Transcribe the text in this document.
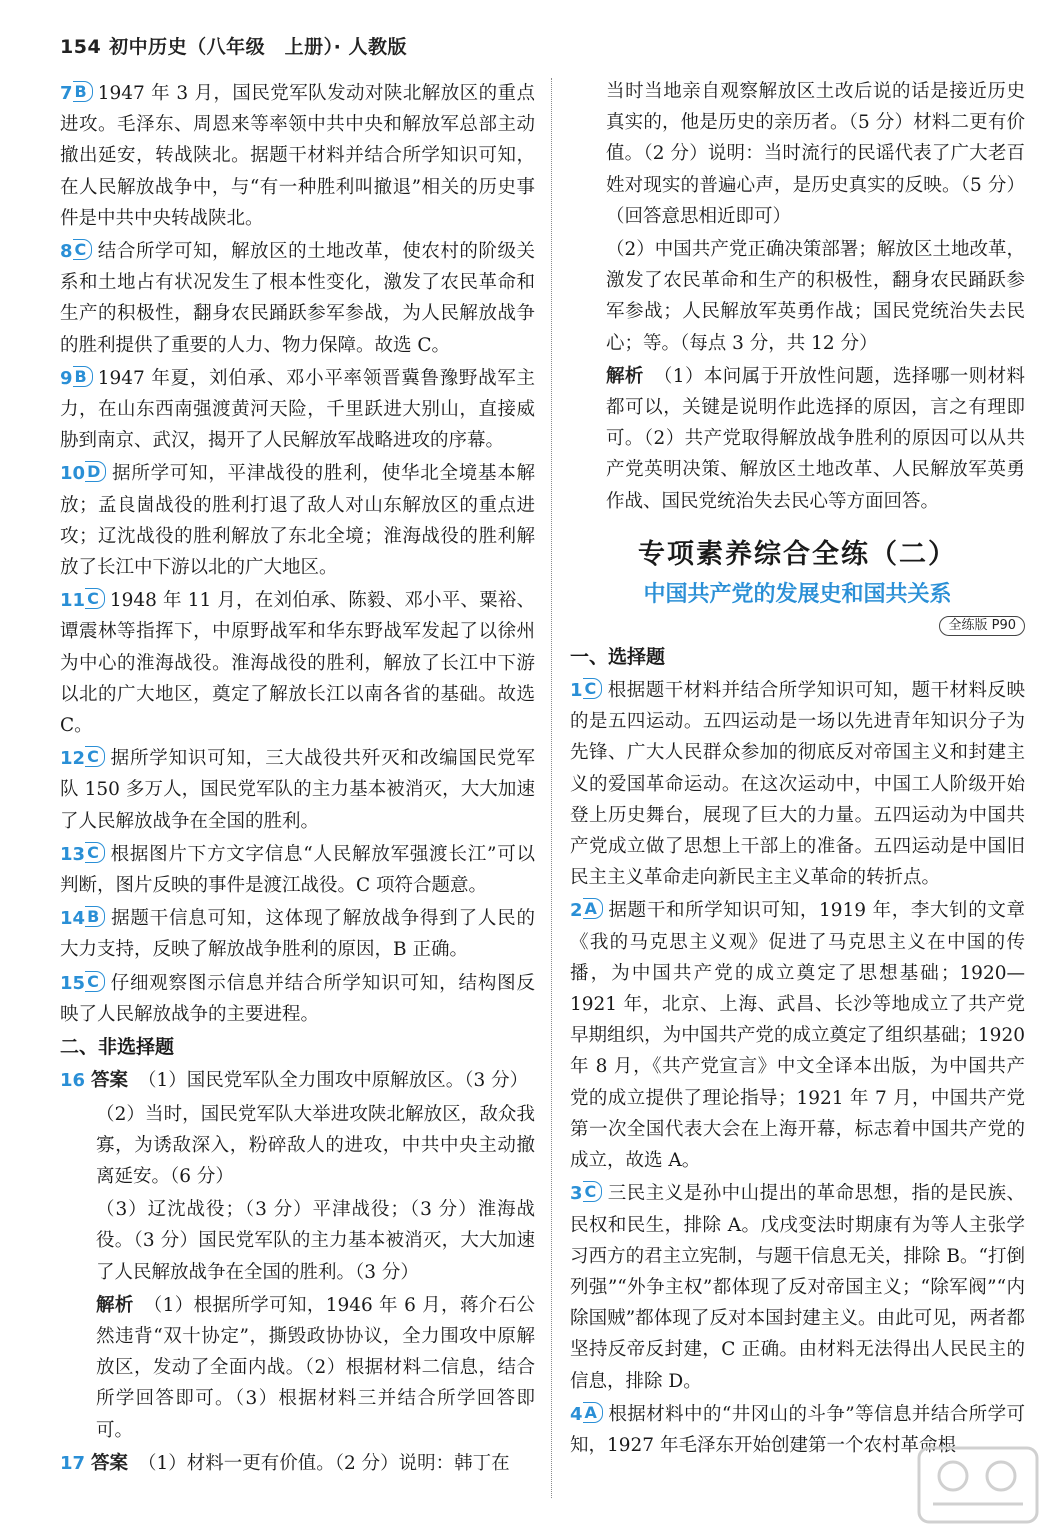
154 初中历史（八年级　上册）· 人教版
7 B 1947 年 3 月，国民党军队发动对陕北解放区的重点进攻。毛泽东、周恩来等率领中共中央和解放军总部主动撤出延安，转战陕北。据题干材料并结合所学知识可知，在人民解放战争中，与“有一种胜利叫撤退”相关的历史事件是中共中央转战陕北。
8 C 结合所学可知，解放区的土地改革，使农村的阶级关系和土地占有状况发生了根本性变化，激发了农民革命和生产的积极性，翻身农民踊跃参军参战，为人民解放战争的胜利提供了重要的人力、物力保障。故选 C。
9 B 1947 年夏，刘伯承、邓小平率领晋冀鲁豫野战军主力，在山东西南强渡黄河天险，千里跃进大别山，直接威胁到南京、武汉，揭开了人民解放军战略进攻的序幕。
10 D 据所学可知，平津战役的胜利，使华北全境基本解放；孟良崮战役的胜利打退了敌人对山东解放区的重点进攻；辽沈战役的胜利解放了东北全境；淮海战役的胜利解放了长江中下游以北的广大地区。
11 C 1948 年 11 月，在刘伯承、陈毅、邓小平、粟裕、谭震林等指挥下，中原野战军和华东野战军发起了以徐州为中心的淮海战役。淮海战役的胜利，解放了长江中下游以北的广大地区，奠定了解放长江以南各省的基础。故选 C。
12 C 据所学知识可知，三大战役共歼灭和改编国民党军队 150 多万人，国民党军队的主力基本被消灭，大大加速了人民解放战争在全国的胜利。
13 C 根据图片下方文字信息“人民解放军强渡长江”可以判断，图片反映的事件是渡江战役。C 项符合题意。
14 B 据题干信息可知，这体现了解放战争得到了人民的大力支持，反映了解放战争胜利的原因，B 正确。
15 C 仔细观察图示信息并结合所学知识可知，结构图反映了人民解放战争的主要进程。
二、非选择题
16 答案 （1）国民党军队全力围攻中原解放区。（3 分）
（2）当时，国民党军队大举进攻陕北解放区，敌众我寡，为诱敌深入，粉碎敌人的进攻，中共中央主动撤离延安。（6 分）
（3）辽沈战役；（3 分）平津战役；（3 分）淮海战役。（3 分）国民党军队的主力基本被消灭，大大加速了人民解放战争在全国的胜利。（3 分）
解析 （1）根据所学可知，1946 年 6 月，蒋介石公然违背“双十协定”，撕毁政协协议，全力围攻中原解放区，发动了全面内战。（2）根据材料二信息，结合所学回答即可。（3）根据材料三并结合所学回答即可。
17 答案 （1）材料一更有价值。（2 分）说明：韩丁在
当时当地亲自观察解放区土改后说的话是接近历史真实的，他是历史的亲历者。（5 分）材料二更有价值。（2 分）说明：当时流行的民谣代表了广大老百姓对现实的普遍心声，是历史真实的反映。（5 分）（回答意思相近即可）
（2）中国共产党正确决策部署；解放区土地改革，激发了农民革命和生产的积极性，翻身农民踊跃参军参战；人民解放军英勇作战；国民党统治失去民心；等。（每点 3 分，共 12 分）
解析 （1）本问属于开放性问题，选择哪一则材料都可以，关键是说明作此选择的原因，言之有理即可。（2）共产党取得解放战争胜利的原因可以从共产党英明决策、解放区土地改革、人民解放军英勇作战、国民党统治失去民心等方面回答。
专项素养综合全练（二）
中国共产党的发展史和国共关系
全练版 P90
一、选择题
1 C 根据题干材料并结合所学知识可知，题干材料反映的是五四运动。五四运动是一场以先进青年知识分子为先锋、广大人民群众参加的彻底反对帝国主义和封建主义的爱国革命运动。在这次运动中，中国工人阶级开始登上历史舞台，展现了巨大的力量。五四运动为中国共产党成立做了思想上干部上的准备。五四运动是中国旧民主主义革命走向新民主主义革命的转折点。
2 A 据题干和所学知识可知，1919 年，李大钊的文章《我的马克思主义观》促进了马克思主义在中国的传播，为中国共产党的成立奠定了思想基础；1920—1921 年，北京、上海、武昌、长沙等地成立了共产党早期组织，为中国共产党的成立奠定了组织基础；1920 年 8 月，《共产党宣言》中文全译本出版，为中国共产党的成立提供了理论指导；1921 年 7 月，中国共产党第一次全国代表大会在上海开幕，标志着中国共产党的成立，故选 A。
3 C 三民主义是孙中山提出的革命思想，指的是民族、民权和民生，排除 A。戊戌变法时期康有为等人主张学习西方的君主立宪制，与题干信息无关，排除 B。“打倒列强”“外争主权”都体现了反对帝国主义；“除军阀”“内除国贼”都体现了反对本国封建主义。由此可见，两者都坚持反帝反封建，C 正确。由材料无法得出人民民主的信息，排除 D。
4 A 根据材料中的“井冈山的斗争”等信息并结合所学可知，1927 年毛泽东开始创建第一个农村革命根
